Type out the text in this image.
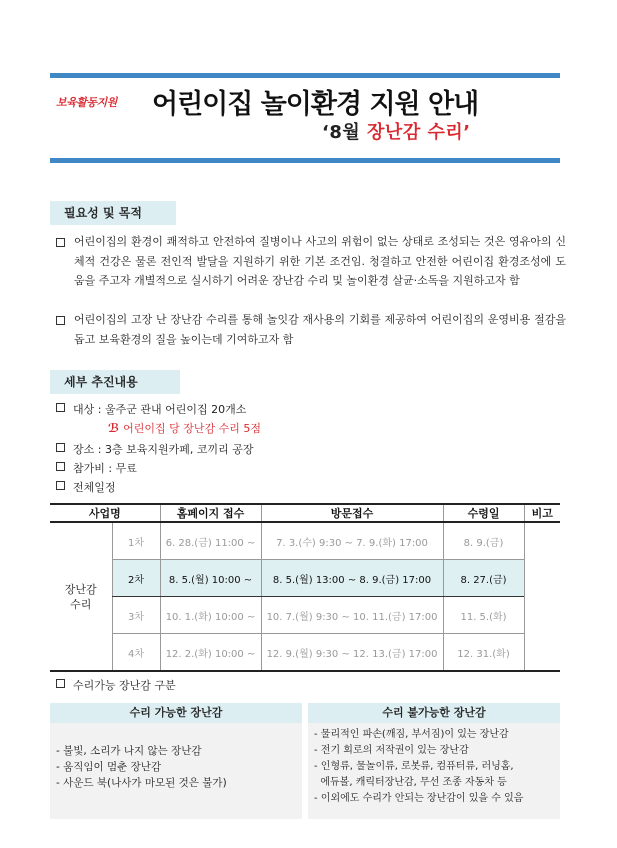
보육활동지원 어린이집 놀이환경 지원 안내
‘8월 장난감 수리’
필요성 및 목적
어린이집의 환경이 쾌적하고 안전하여 질병이나 사고의 위험이 없는 상태로 조성되는 것은 영유아의 신체적 건강은 물론 전인적 발달을 지원하기 위한 기본 조건임. 청결하고 안전한 어린이집 환경조성에 도움을 주고자 개별적으로 실시하기 어려운 장난감 수리 및 놀이환경 살균·소독을 지원하고자 함
어린이집의 고장 난 장난감 수리를 통해 놀잇감 재사용의 기회를 제공하여 어린이집의 운영비용 절감을 돕고 보육환경의 질을 높이는데 기여하고자 함
세부 추진내용
대상 : 울주군 관내 어린이집 20개소
ℬ 어린이집 당 장난감 수리 5점
장소 : 3층 보육지원카페, 코끼리 공장
참가비 : 무료
전체일정
사업명		홈페이지 접수	방문접수	수령일	비고
장난감
수리	1차	6. 28.(금) 11:00 ~	7. 3.(수) 9:30 ~ 7. 9.(화) 17:00	8. 9.(금)	
	2차	8. 5.(월) 10:00 ~	8. 5.(월) 13:00 ~ 8. 9.(금) 17:00	8. 27.(금)	
	3차	10. 1.(화) 10:00 ~	10. 7.(월) 9:30 ~ 10. 11.(금) 17:00	11. 5.(화)	
	4차	12. 2.(화) 10:00 ~	12. 9.(월) 9:30 ~ 12. 13.(금) 17:00	12. 31.(화)	
수리가능 장난감 구분
수리 가능한 장난감
- 불빛, 소리가 나지 않는 장난감
- 움직임이 멈춘 장난감
- 사운드 북(나사가 마모된 것은 불가)
수리 불가능한 장난감
- 물리적인 파손(깨짐, 부서짐)이 있는 장난감
- 전기 회로의 저작권이 있는 장난감
- 인형류, 물놀이류, 로봇류, 컴퓨터류, 러닝홈,
에듀볼, 캐릭터장난감, 무선 조종 자동차 등
- 이외에도 수리가 안되는 장난감이 있을 수 있음
